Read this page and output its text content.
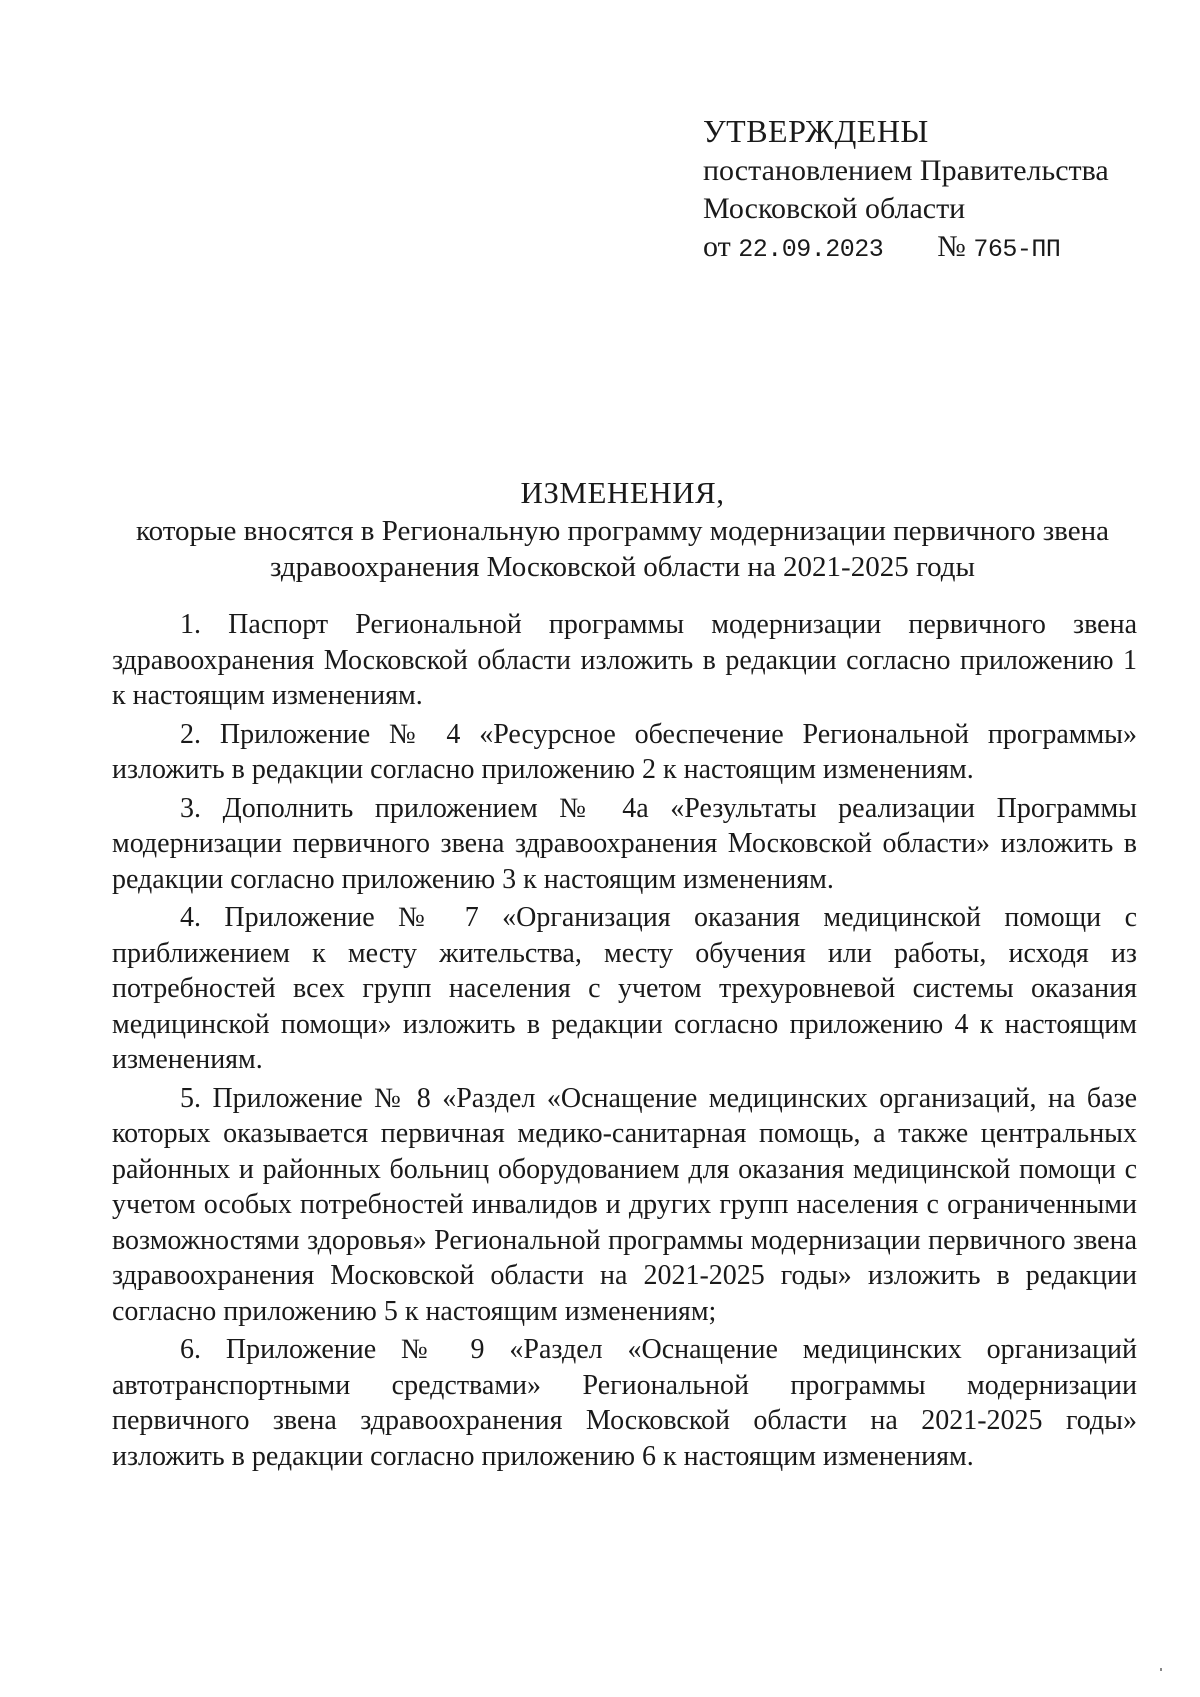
УТВЕРЖДЕНЫ
постановлением Правительства
Московской области
от 22.09.2023 № 765-ПП
ИЗМЕНЕНИЯ,
которые вносятся в Региональную программу модернизации первичного звена здравоохранения Московской области на 2021-2025 годы

1. Паспорт Региональной программы модернизации первичного звена здравоохранения Московской области изложить в редакции согласно приложению 1 к настоящим изменениям.

2. Приложение № 4 «Ресурсное обеспечение Региональной программы» изложить в редакции согласно приложению 2 к настоящим изменениям.

3. Дополнить приложением № 4а «Результаты реализации Программы модернизации первичного звена здравоохранения Московской области» изложить в редакции согласно приложению 3 к настоящим изменениям.

4. Приложение № 7 «Организация оказания медицинской помощи с приближением к месту жительства, месту обучения или работы, исходя из потребностей всех групп населения с учетом трехуровневой системы оказания медицинской помощи» изложить в редакции согласно приложению 4 к настоящим изменениям.

5. Приложение № 8 «Раздел «Оснащение медицинских организаций, на базе которых оказывается первичная медико-санитарная помощь, а также центральных районных и районных больниц оборудованием для оказания медицинской помощи с учетом особых потребностей инвалидов и других групп населения с ограниченными возможностями здоровья» Региональной программы модернизации первичного звена здравоохранения Московской области на 2021-2025 годы» изложить в редакции согласно приложению 5 к настоящим изменениям;

6. Приложение № 9 «Раздел «Оснащение медицинских организаций автотранспортными средствами» Региональной программы модернизации первичного звена здравоохранения Московской области на 2021-2025 годы» изложить в редакции согласно приложению 6 к настоящим изменениям.
